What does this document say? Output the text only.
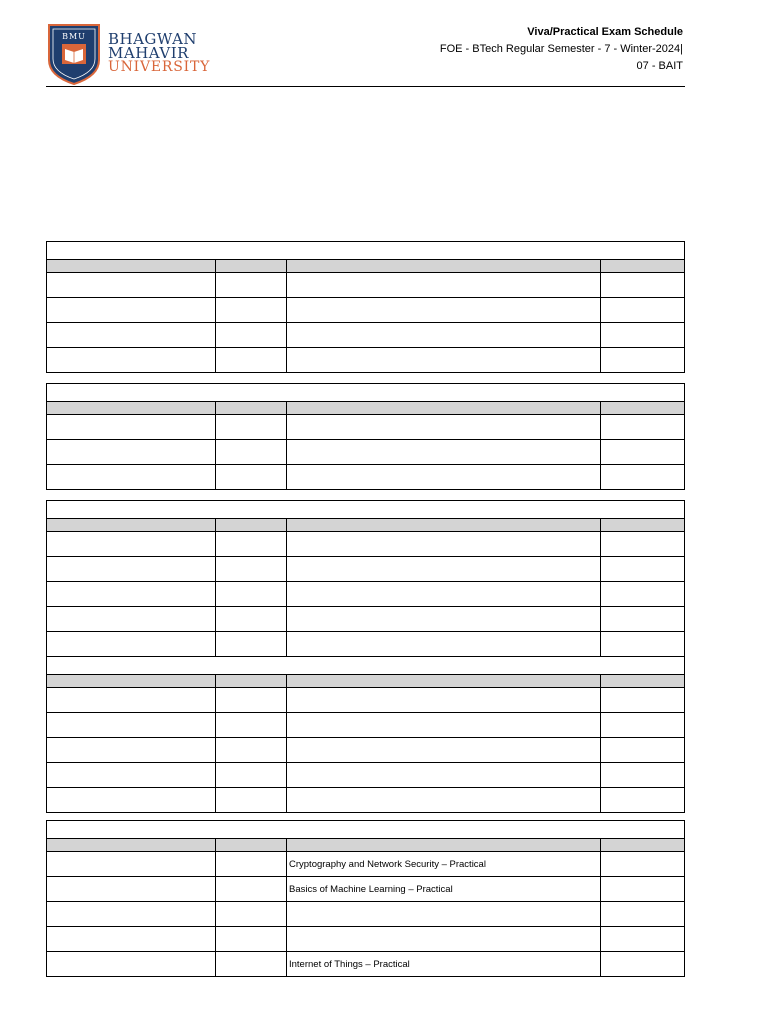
BMU BHAGWAN
MAHAVIR
UNIVERSITY
Viva/Practical Exam Schedule
FOE - BTech Regular Semester - 7 - Winter-2024|
07 - BAIT
Cryptography and Network Security – Practical
Basics of Machine Learning – Practical
Internet of Things – Practical
